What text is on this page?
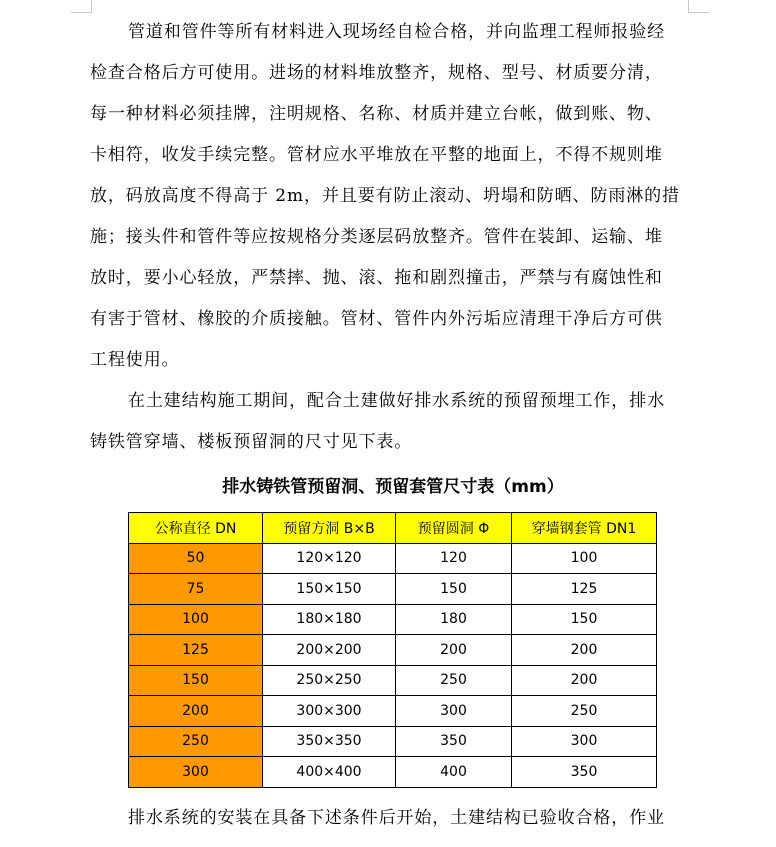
管道和管件等所有材料进入现场经自检合格，并向监理工程师报验经
检查合格后方可使用。进场的材料堆放整齐，规格、型号、材质要分清，
每一种材料必须挂牌，注明规格、名称、材质并建立台帐，做到账、物、
卡相符，收发手续完整。管材应水平堆放在平整的地面上，不得不规则堆
放，码放高度不得高于 2m，并且要有防止滚动、坍塌和防晒、防雨淋的措
施；接头件和管件等应按规格分类逐层码放整齐。管件在装卸、运输、堆
放时，要小心轻放，严禁摔、抛、滚、拖和剧烈撞击，严禁与有腐蚀性和
有害于管材、橡胶的介质接触。管材、管件内外污垢应清理干净后方可供
工程使用。
在土建结构施工期间，配合土建做好排水系统的预留预埋工作，排水
铸铁管穿墙、楼板预留洞的尺寸见下表。
排水铸铁管预留洞、预留套管尺寸表（mm）
公称直径 DN	预留方洞 B×B	预留圆洞 Φ	穿墙钢套管 DN1
50	120×120	120	100
75	150×150	150	125
100	180×180	180	150
125	200×200	200	200
150	250×250	250	200
200	300×300	300	250
250	350×350	350	300
300	400×400	400	350
排水系统的安装在具备下述条件后开始，土建结构已验收合格，作业
